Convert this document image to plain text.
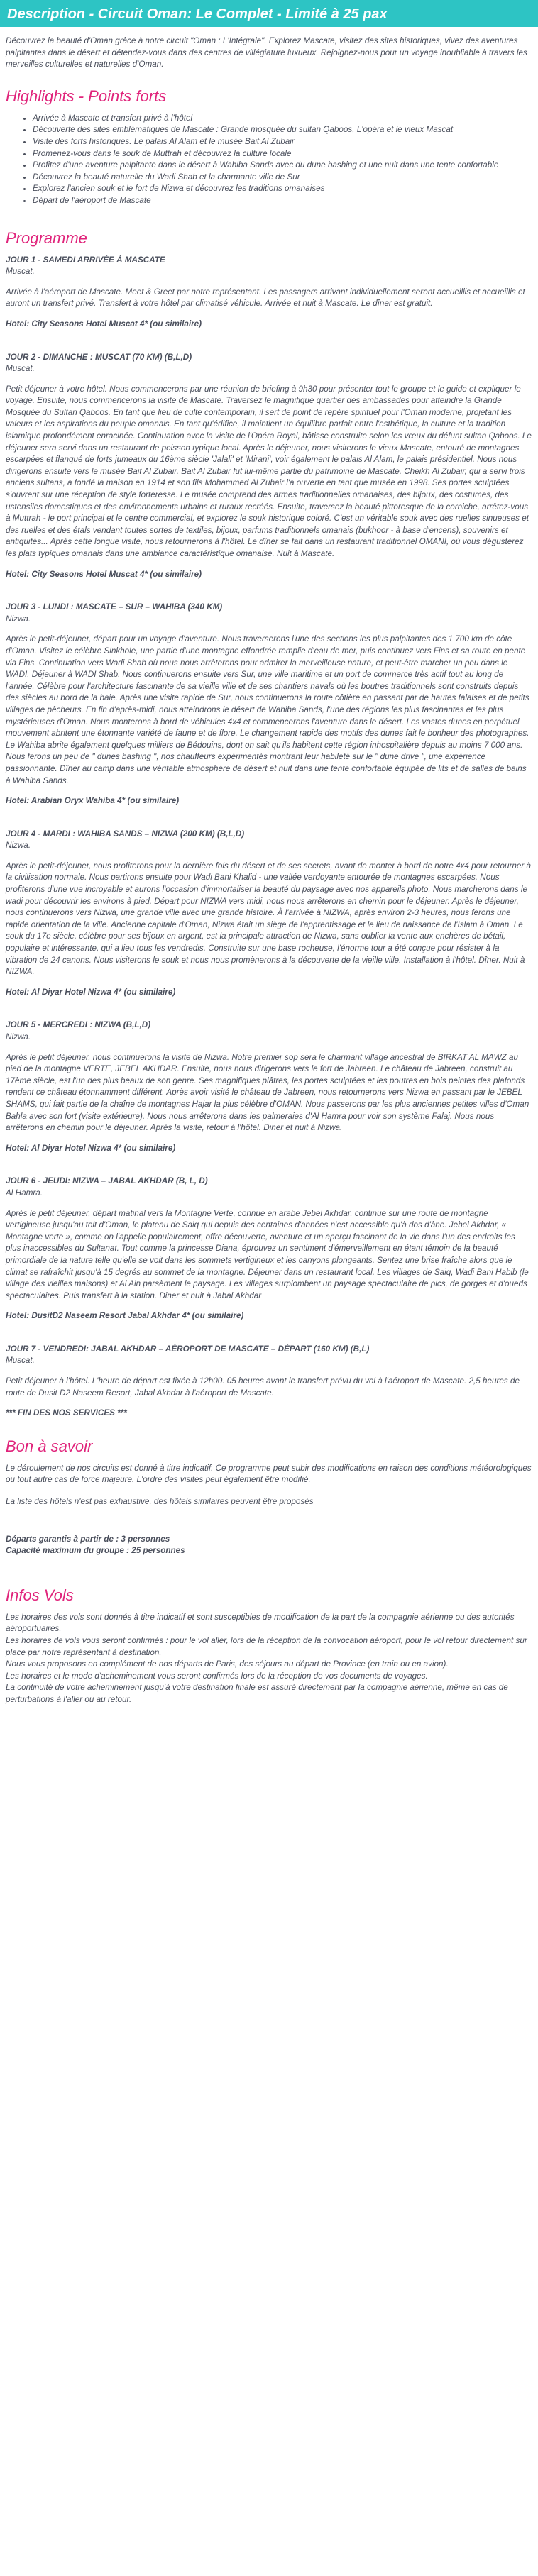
Description - Circuit Oman: Le Complet - Limité à 25 pax

Découvrez la beauté d'Oman grâce à notre circuit "Oman : L'Intégrale". Explorez Mascate, visitez des sites historiques, vivez des aventures palpitantes dans le désert et détendez-vous dans des centres de villégiature luxueux. Rejoignez-nous pour un voyage inoubliable à travers les merveilles culturelles et naturelles d'Oman.

Highlights - Points forts
• Arrivée à Mascate et transfert privé à l'hôtel
• Découverte des sites emblématiques de Mascate : Grande mosquée du sultan Qaboos, L'opéra et le vieux Mascat
• Visite des forts historiques. Le palais Al Alam et le musée Bait Al Zubair
• Promenez-vous dans le souk de Muttrah et découvrez la culture locale
• Profitez d'une aventure palpitante dans le désert à Wahiba Sands avec du dune bashing et une nuit dans une tente confortable
• Découvrez la beauté naturelle du Wadi Shab et la charmante ville de Sur
• Explorez l'ancien souk et le fort de Nizwa et découvrez les traditions omanaises
• Départ de l'aéroport de Mascate
Programme

JOUR 1 - SAMEDI ARRIVÉE À MASCATE

Muscat.

Arrivée à l'aéroport de Mascate. Meet & Greet par notre représentant. Les passagers arrivant individuellement seront accueillis et accueillis et auront un transfert privé. Transfert à votre hôtel par climatisé véhicule. Arrivée et nuit à Mascate. Le dîner est gratuit.

Hotel: City Seasons Hotel Muscat 4* (ou similaire)

JOUR 2 - DIMANCHE : MUSCAT (70 KM) (B,L,D)

Muscat.

Petit déjeuner à votre hôtel. Nous commencerons par une réunion de briefing à 9h30 pour présenter tout le groupe et le guide et expliquer le voyage. Ensuite, nous commencerons la visite de Mascate. Traversez le magnifique quartier des ambassades pour atteindre la Grande Mosquée du Sultan Qaboos. En tant que lieu de culte contemporain, il sert de point de repère spirituel pour l'Oman moderne, projetant les valeurs et les aspirations du peuple omanais. En tant qu'édifice, il maintient un équilibre parfait entre l'esthétique, la culture et la tradition islamique profondément enracinée. Continuation avec la visite de l'Opéra Royal, bâtisse construite selon les vœux du défunt sultan Qaboos. Le déjeuner sera servi dans un restaurant de poisson typique local. Après le déjeuner, nous visiterons le vieux Mascate, entouré de montagnes escarpées et flanqué de forts jumeaux du 16ème siècle 'Jalali' et 'Mirani', voir également le palais Al Alam, le palais présidentiel. Nous nous dirigerons ensuite vers le musée Bait Al Zubair. Bait Al Zubair fut lui-même partie du patrimoine de Mascate. Cheikh Al Zubair, qui a servi trois anciens sultans, a fondé la maison en 1914 et son fils Mohammed Al Zubair l'a ouverte en tant que musée en 1998. Ses portes sculptées s'ouvrent sur une réception de style forteresse. Le musée comprend des armes traditionnelles omanaises, des bijoux, des costumes, des ustensiles domestiques et des environnements urbains et ruraux recréés. Ensuite, traversez la beauté pittoresque de la corniche, arrêtez-vous à Muttrah - le port principal et le centre commercial, et explorez le souk historique coloré. C'est un véritable souk avec des ruelles sinueuses et des ruelles et des étals vendant toutes sortes de textiles, bijoux, parfums traditionnels omanais (bukhoor - à base d'encens), souvenirs et antiquités... Après cette longue visite, nous retournerons à l'hôtel. Le dîner se fait dans un restaurant traditionnel OMANI, où vous dégusterez les plats typiques omanais dans une ambiance caractéristique omanaise. Nuit à Mascate.

Hotel: City Seasons Hotel Muscat 4* (ou similaire)

JOUR 3 - LUNDI : MASCATE – SUR – WAHIBA (340 KM)

Nizwa.

Après le petit-déjeuner, départ pour un voyage d'aventure. Nous traverserons l'une des sections les plus palpitantes des 1 700 km de côte d'Oman. Visitez le célèbre Sinkhole, une partie d'une montagne effondrée remplie d'eau de mer, puis continuez vers Fins et sa route en pente via Fins. Continuation vers Wadi Shab où nous nous arrêterons pour admirer la merveilleuse nature, et peut-être marcher un peu dans le WADI. Déjeuner à WADI Shab. Nous continuerons ensuite vers Sur, une ville maritime et un port de commerce très actif tout au long de l'année. Célèbre pour l'architecture fascinante de sa vieille ville et de ses chantiers navals où les boutres traditionnels sont construits depuis des siècles au bord de la baie. Après une visite rapide de Sur, nous continuerons la route côtière en passant par de hautes falaises et de petits villages de pêcheurs. En fin d'après-midi, nous atteindrons le désert de Wahiba Sands, l'une des régions les plus fascinantes et les plus mystérieuses d'Oman. Nous monterons à bord de véhicules 4x4 et commencerons l'aventure dans le désert. Les vastes dunes en perpétuel mouvement abritent une étonnante variété de faune et de flore. Le changement rapide des motifs des dunes fait le bonheur des photographes. Le Wahiba abrite également quelques milliers de Bédouins, dont on sait qu'ils habitent cette région inhospitalière depuis au moins 7 000 ans. Nous ferons un peu de " dunes bashing ", nos chauffeurs expérimentés montrant leur habileté sur le " dune drive ", une expérience passionnante. Dîner au camp dans une véritable atmosphère de désert et nuit dans une tente confortable équipée de lits et de salles de bains à Wahiba Sands.

Hotel: Arabian Oryx Wahiba 4* (ou similaire)

JOUR 4 - MARDI : WAHIBA SANDS – NIZWA (200 KM) (B,L,D)

Nizwa.

Après le petit-déjeuner, nous profiterons pour la dernière fois du désert et de ses secrets, avant de monter à bord de notre 4x4 pour retourner à la civilisation normale. Nous partirons ensuite pour Wadi Bani Khalid - une vallée verdoyante entourée de montagnes escarpées. Nous profiterons d'une vue incroyable et aurons l'occasion d'immortaliser la beauté du paysage avec nos appareils photo. Nous marcherons dans le wadi pour découvrir les environs à pied. Départ pour NIZWA vers midi, nous nous arrêterons en chemin pour le déjeuner. Après le déjeuner, nous continuerons vers Nizwa, une grande ville avec une grande histoire. À l'arrivée à NIZWA, après environ 2-3 heures, nous ferons une rapide orientation de la ville. Ancienne capitale d'Oman, Nizwa était un siège de l'apprentissage et le lieu de naissance de l'Islam à Oman. Le souk du 17e siècle, célèbre pour ses bijoux en argent, est la principale attraction de Nizwa, sans oublier la vente aux enchères de bétail, populaire et intéressante, qui a lieu tous les vendredis. Construite sur une base rocheuse, l'énorme tour a été conçue pour résister à la vibration de 24 canons. Nous visiterons le souk et nous nous promènerons à la découverte de la vieille ville. Installation à l'hôtel. Dîner. Nuit à NIZWA.

Hotel: Al Diyar Hotel Nizwa 4* (ou similaire)

JOUR 5 - MERCREDI : NIZWA (B,L,D)

Nizwa.

Après le petit déjeuner, nous continuerons la visite de Nizwa. Notre premier sop sera le charmant village ancestral de BIRKAT AL MAWZ au pied de la montagne VERTE, JEBEL AKHDAR. Ensuite, nous nous dirigerons vers le fort de Jabreen. Le château de Jabreen, construit au 17ème siècle, est l'un des plus beaux de son genre. Ses magnifiques plâtres, les portes sculptées et les poutres en bois peintes des plafonds rendent ce château étonnamment différent. Après avoir visité le château de Jabreen, nous retournerons vers Nizwa en passant par le JEBEL SHAMS, qui fait partie de la chaîne de montagnes Hajar la plus célèbre d'OMAN. Nous passerons par les plus anciennes petites villes d'Oman Bahla avec son fort (visite extérieure). Nous nous arrêterons dans les palmeraies d'Al Hamra pour voir son système Falaj. Nous nous arrêterons en chemin pour le déjeuner. Après la visite, retour à l'hôtel. Diner et nuit à Nizwa.

Hotel: Al Diyar Hotel Nizwa 4* (ou similaire)

JOUR 6 - JEUDI: NIZWA – JABAL AKHDAR (B, L, D)

Al Hamra.

Après le petit déjeuner, départ matinal vers la Montagne Verte, connue en arabe Jebel Akhdar. continue sur une route de montagne vertigineuse jusqu'au toit d'Oman, le plateau de Saiq qui depuis des centaines d'années n'est accessible qu'à dos d'âne. Jebel Akhdar, « Montagne verte », comme on l'appelle populairement, offre découverte, aventure et un aperçu fascinant de la vie dans l'un des endroits les plus inaccessibles du Sultanat. Tout comme la princesse Diana, éprouvez un sentiment d'émerveillement en étant témoin de la beauté primordiale de la nature telle qu'elle se voit dans les sommets vertigineux et les canyons plongeants. Sentez une brise fraîche alors que le climat se rafraîchit jusqu'à 15 degrés au sommet de la montagne. Déjeuner dans un restaurant local. Les villages de Saiq, Wadi Bani Habib (le village des vieilles maisons) et Al Ain parsèment le paysage. Les villages surplombent un paysage spectaculaire de pics, de gorges et d'oueds spectaculaires. Puis transfert à la station. Diner et nuit à Jabal Akhdar

Hotel: DusitD2 Naseem Resort Jabal Akhdar 4* (ou similaire)

JOUR 7 - VENDREDI: JABAL AKHDAR – AÉROPORT DE MASCATE – DÉPART (160 KM) (B,L)

Muscat.

Petit déjeuner à l'hôtel. L'heure de départ est fixée à 12h00. 05 heures avant le transfert prévu du vol à l'aéroport de Mascate. 2,5 heures de route de Dusit D2 Naseem Resort, Jabal Akhdar à l'aéroport de Mascate.

*** FIN DES NOS SERVICES ***

Bon à savoir

Le déroulement de nos circuits est donné à titre indicatif. Ce programme peut subir des modifications en raison des conditions météorologiques ou tout autre cas de force majeure. L'ordre des visites peut également être modifié.

La liste des hôtels n'est pas exhaustive, des hôtels similaires peuvent être proposés

Départs garantis à partir de : 3 personnes

Capacité maximum du groupe : 25 personnes

Infos Vols

Les horaires des vols sont donnés à titre indicatif et sont susceptibles de modification de la part de la compagnie aérienne ou des autorités aéroportuaires.

Les horaires de vols vous seront confirmés : pour le vol aller, lors de la réception de la convocation aéroport, pour le vol retour directement sur place par notre représentant à destination.

Nous vous proposons en complément de nos départs de Paris, des séjours au départ de Province (en train ou en avion).

Les horaires et le mode d'acheminement vous seront confirmés lors de la réception de vos documents de voyages.

La continuité de votre acheminement jusqu'à votre destination finale est assuré directement par la compagnie aérienne, même en cas de perturbations à l'aller ou au retour.
